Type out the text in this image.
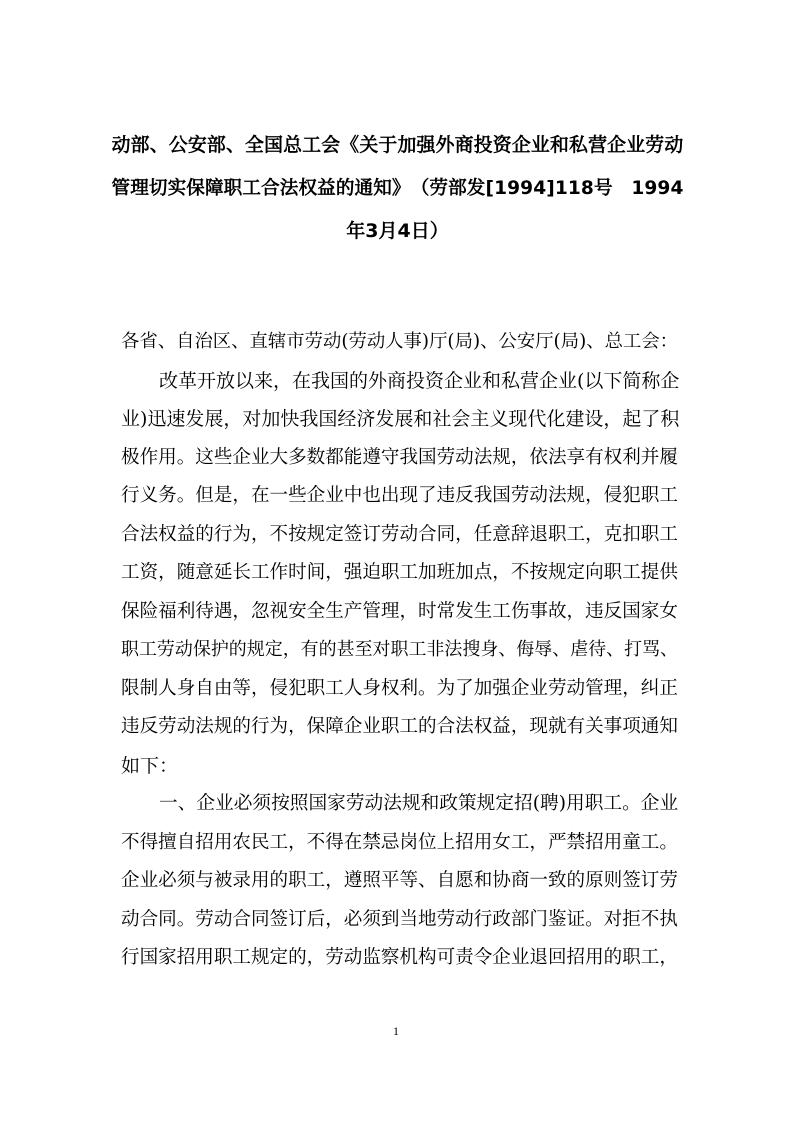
动部、公安部、全国总工会《关于加强外商投资企业和私营企业劳动
管理切实保障职工合法权益的通知》　（劳部发[1994]118号　1994
年3月4日）
各省、自治区、直辖市劳动(劳动人事)厅(局)、公安厅(局)、总工会：
改革开放以来，在我国的外商投资企业和私营企业(以下简称企
业)迅速发展，对加快我国经济发展和社会主义现代化建设，起了积
极作用。这些企业大多数都能遵守我国劳动法规，依法享有权利并履
行义务。但是，在一些企业中也出现了违反我国劳动法规，侵犯职工
合法权益的行为，不按规定签订劳动合同，任意辞退职工，克扣职工
工资，随意延长工作时间，强迫职工加班加点，不按规定向职工提供
保险福利待遇，忽视安全生产管理，时常发生工伤事故，违反国家女
职工劳动保护的规定，有的甚至对职工非法搜身、侮辱、虐待、打骂、
限制人身自由等，侵犯职工人身权利。为了加强企业劳动管理，纠正
违反劳动法规的行为，保障企业职工的合法权益，现就有关事项通知
如下：
一、企业必须按照国家劳动法规和政策规定招(聘)用职工。企业
不得擅自招用农民工，不得在禁忌岗位上招用女工，严禁招用童工。
企业必须与被录用的职工，遵照平等、自愿和协商一致的原则签订劳
动合同。劳动合同签订后，必须到当地劳动行政部门鉴证。对拒不执
行国家招用职工规定的，劳动监察机构可责令企业退回招用的职工，
1
